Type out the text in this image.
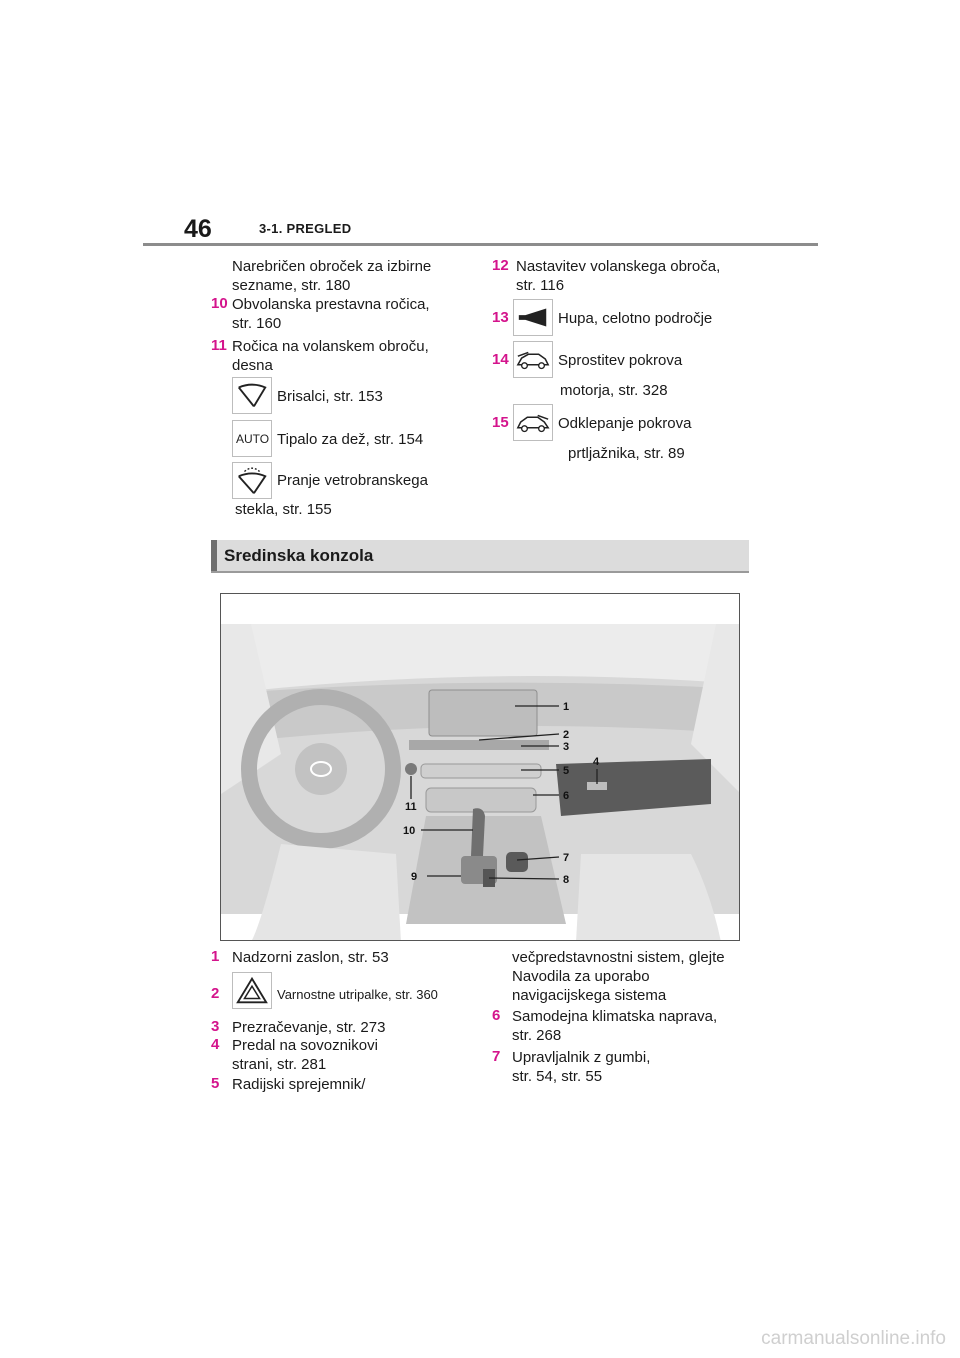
46	3-1. PREGLED
Narebričen obroček za izbirne
sezname, str. 180
10 Obvolanska prestavna ročica,
str. 160
11 Ročica na volanskem obroču,
desna
Brisalci, str. 153
AUTO Tipalo za dež, str. 154
Pranje vetrobranskega
stekla, str. 155
12 Nastavitev volanskega obroča,
str. 116
13	Hupa, celotno področje
14	Sprostitev pokrova
motorja, str. 328
15	Odklepanje pokrova
prtljažnika, str. 89
Sredinska konzola
1
2
3
4
5
6
7
8
9
10
11
1 Nadzorni zaslon, str. 53
2	Varnostne utripalke, str. 360
3 Prezračevanje, str. 273
4 Predal na sovoznikovi
strani, str. 281
5 Radijski sprejemnik/
večpredstavnostni sistem, glejte
Navodila za uporabo
navigacijskega sistema
6 Samodejna klimatska naprava,
str. 268
7 Upravljalnik z gumbi,
str. 54, str. 55
carmanualsonline.info
